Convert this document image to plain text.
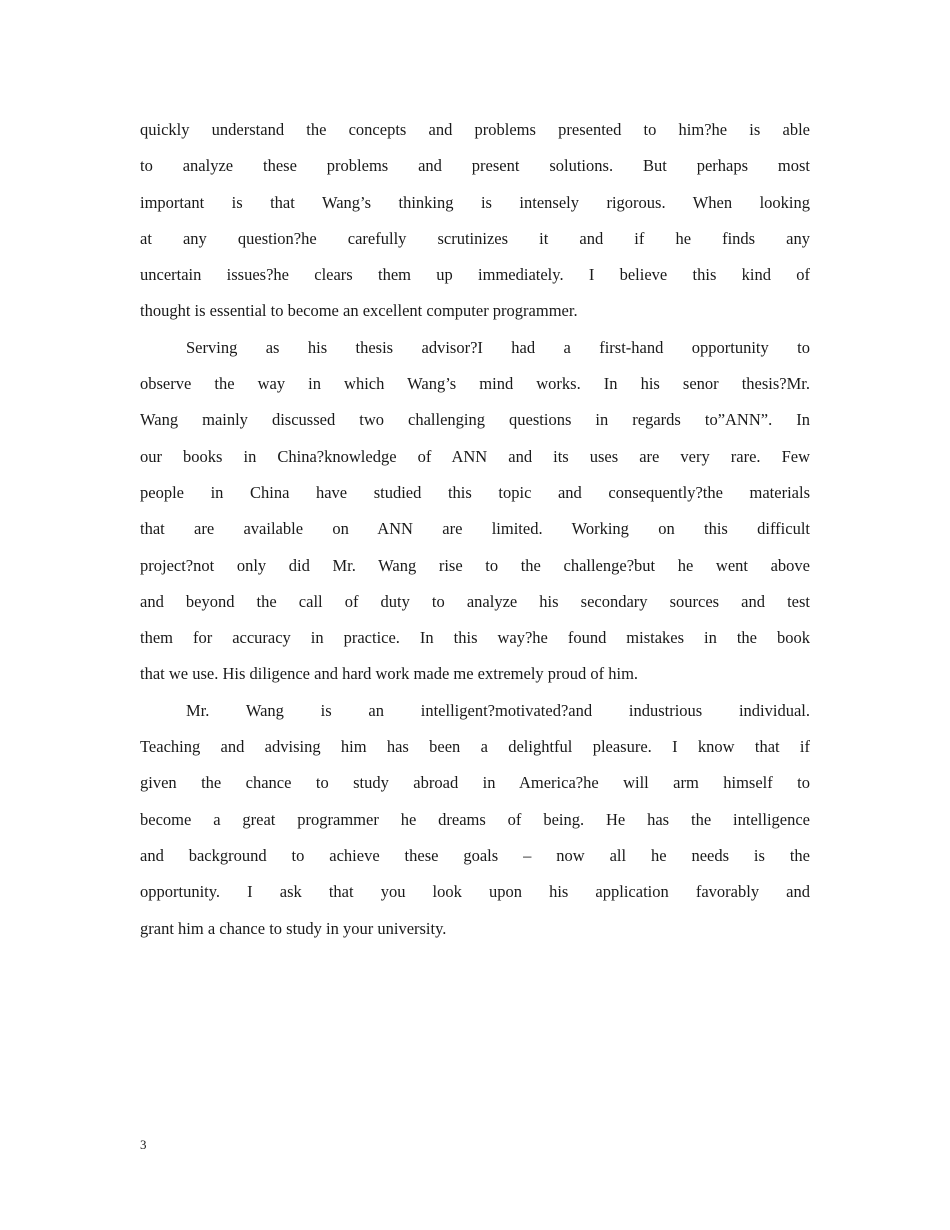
quickly understand the concepts and problems presented to him?he is able
to analyze these problems and present solutions. But perhaps most
important is that Wang’s thinking is intensely rigorous. When looking
at any question?he carefully scrutinizes it and if he finds any
uncertain issues?he clears them up immediately. I believe this kind of
thought is essential to become an excellent computer programmer.

Serving as his thesis advisor?I had a first-hand opportunity to
observe the way in which Wang’s mind works. In his senor thesis?Mr.
Wang mainly discussed two challenging questions in regards to”ANN”. In
our books in China?knowledge of ANN and its uses are very rare. Few
people in China have studied this topic and consequently?the materials
that are available on ANN are limited. Working on this difficult
project?not only did Mr. Wang rise to the challenge?but he went above
and beyond the call of duty to analyze his secondary sources and test
them for accuracy in practice. In this way?he found mistakes in the book
that we use. His diligence and hard work made me extremely proud of him.

Mr. Wang is an intelligent?motivated?and industrious individual.
Teaching and advising him has been a delightful pleasure. I know that if
given the chance to study abroad in America?he will arm himself to
become a great programmer he dreams of being. He has the intelligence
and background to achieve these goals – now all he needs is the
opportunity. I ask that you look upon his application favorably and
grant him a chance to study in your university.

3
